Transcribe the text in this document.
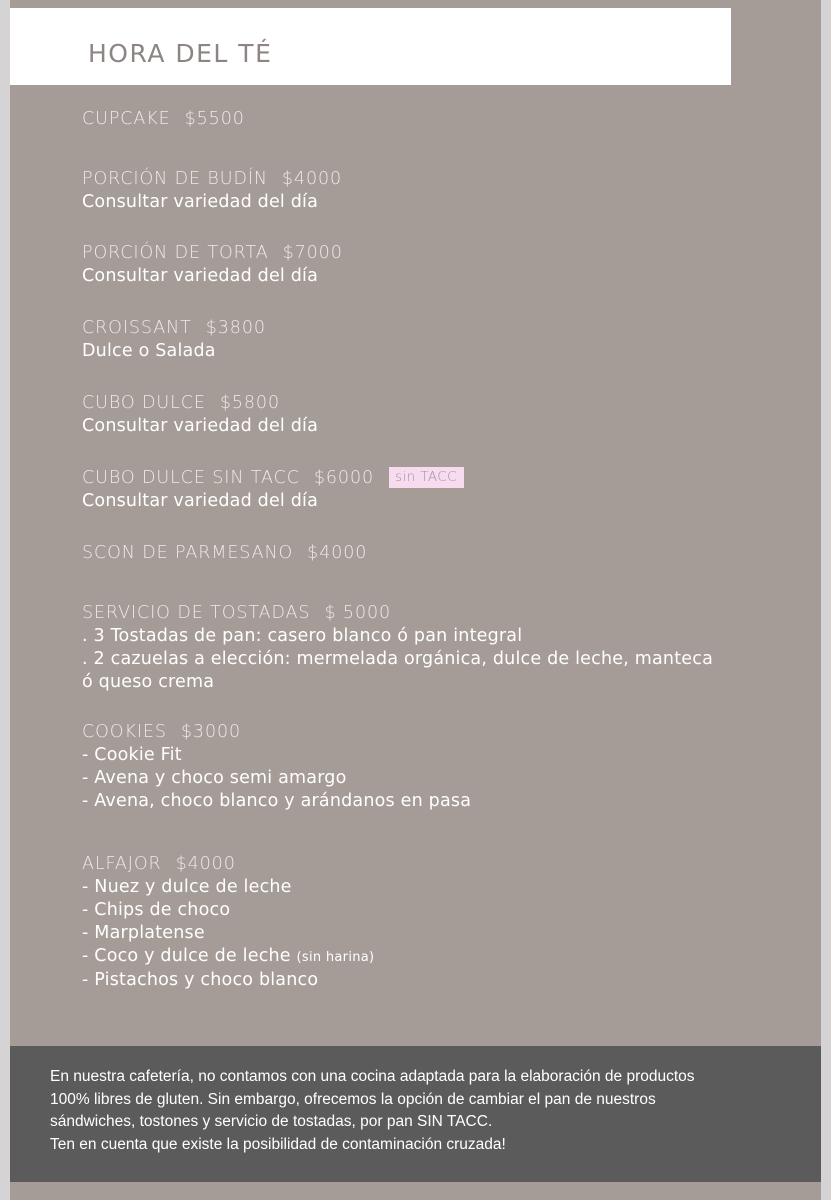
HORA DEL TÉ
CUPCAKE $5500
PORCIÓN DE BUDÍN $4000
Consultar variedad del día
PORCIÓN DE TORTA $7000
Consultar variedad del día
CROISSANT $3800
Dulce o Salada
CUBO DULCE $5800
Consultar variedad del día
CUBO DULCE SIN TACC $6000 sin TACC
Consultar variedad del día
SCON DE PARMESANO $4000
SERVICIO DE TOSTADAS $ 5000
. 3 Tostadas de pan: casero blanco ó pan integral
. 2 cazuelas a elección: mermelada orgánica, dulce de leche, manteca
ó queso crema
COOKIES $3000
- Cookie Fit
- Avena y choco semi amargo
- Avena, choco blanco y arándanos en pasa
ALFAJOR $4000
- Nuez y dulce de leche
- Chips de choco
- Marplatense
- Coco y dulce de leche (sin harina)
- Pistachos y choco blanco

En nuestra cafetería, no contamos con una cocina adaptada para la elaboración de productos
100% libres de gluten. Sin embargo, ofrecemos la opción de cambiar el pan de nuestros
sándwiches, tostones y servicio de tostadas, por pan SIN TACC.
Ten en cuenta que existe la posibilidad de contaminación cruzada!
